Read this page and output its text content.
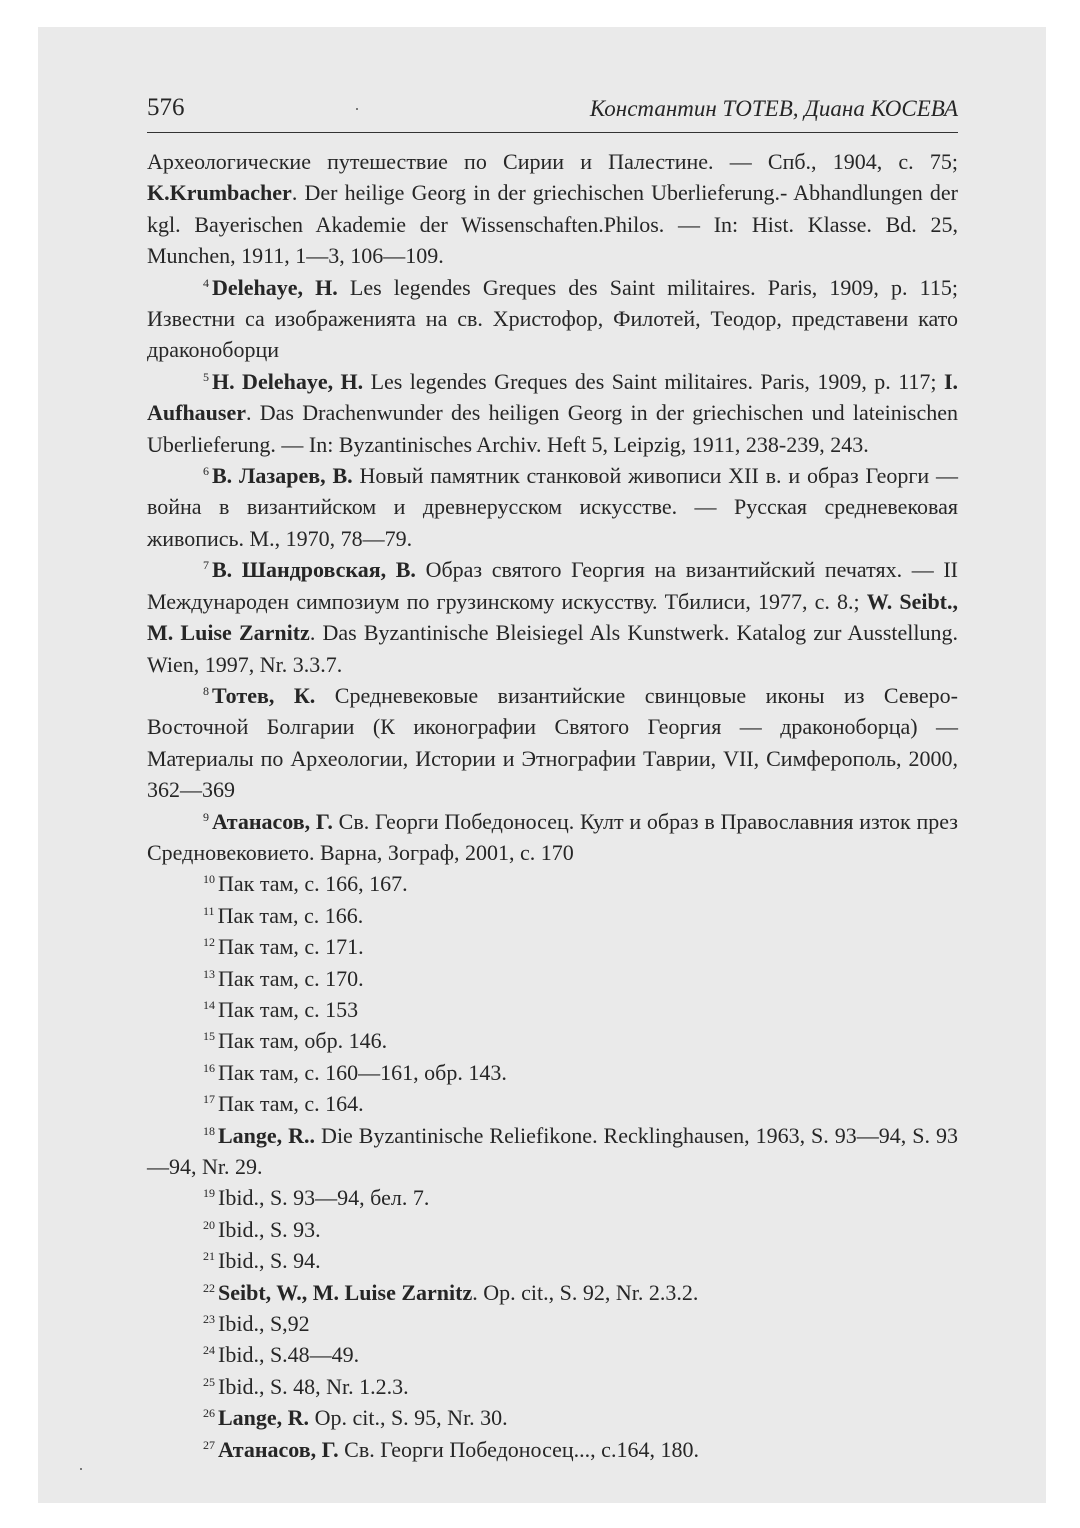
576	Константин ТОТЕВ, Диана КОСЕВА

Археологические путешествие по Сирии и Палестине. — Спб., 1904, с. 75; K.Krumbacher. Der heilige Georg in der griechischen Uberlieferung.- Abhandlungen der kgl. Bayerischen Akademie der Wissenschaften.Philos. — In: Hist. Klasse. Bd. 25, Munchen, 1911, 1—3, 106—109.

$^4$ Delehaye, H. Les legendes Greques des Saint militaires. Paris, 1909, p. 115; Известни са изображенията на св. Христофор, Филотей, Теодор, представени като драконоборци

$^5$ H. Delehaye, H. Les legendes Greques des Saint militaires. Paris, 1909, p. 117; I. Aufhauser. Das Drachenwunder des heiligen Georg in der griechischen und lateinischen Uberlieferung. — In: Byzantinisches Archiv. Heft 5, Leipzig, 1911, 238-239, 243.

$^6$ В. Лазарев, В. Новый памятник станковой живописи XII в. и образ Георги — война в византийском и древнерусском искусстве. — Русская средневековая живопись. М., 1970, 78—79.

$^7$ В. Шандровская, В. Образ святого Георгия на византийский печатях. — II Международен симпозиум по грузинскому искусству. Тбилиси, 1977, с. 8.; W. Seibt., M. Luise Zarnitz. Das Byzantinische Bleisiegel Als Kunstwerk. Katalog zur Ausstellung. Wien, 1997, Nr. 3.3.7.

$^8$ Тотев, К. Средневековые византийские свинцовые иконы из Северо-Восточной Болгарии (К иконографии Святого Георгия — драконоборца) — Материалы по Археологии, Истории и Этнографии Таврии, VII, Симферополь, 2000, 362—369

$^9$ Атанасов, Г. Св. Георги Победоносец. Култ и образ в Православния изток през Средновековието. Варна, Зограф, 2001, с. 170

$^{10}$ Пак там, с. 166, 167.

$^{11}$ Пак там, с. 166.

$^{12}$ Пак там, с. 171.

$^{13}$ Пак там, с. 170.

$^{14}$ Пак там, с. 153

$^{15}$ Пак там, обр. 146.

$^{16}$ Пак там, с. 160—161, обр. 143.

$^{17}$ Пак там, с. 164.

$^{18}$ Lange, R.. Die Byzantinische Reliefikone. Recklinghausen, 1963, S. 93—94, S. 93—94, Nr. 29.

$^{19}$ Ibid., S. 93—94, бел. 7.

$^{20}$ Ibid., S. 93.

$^{21}$ Ibid., S. 94.

$^{22}$ Seibt, W., M. Luise Zarnitz. Op. cit., S. 92, Nr. 2.3.2.

$^{23}$ Ibid., S,92

$^{24}$ Ibid., S.48—49.

$^{25}$ Ibid., S. 48, Nr. 1.2.3.

$^{26}$ Lange, R. Op. cit., S. 95, Nr. 30.

$^{27}$ Атанасов, Г. Св. Георги Победоносец..., с.164, 180.
